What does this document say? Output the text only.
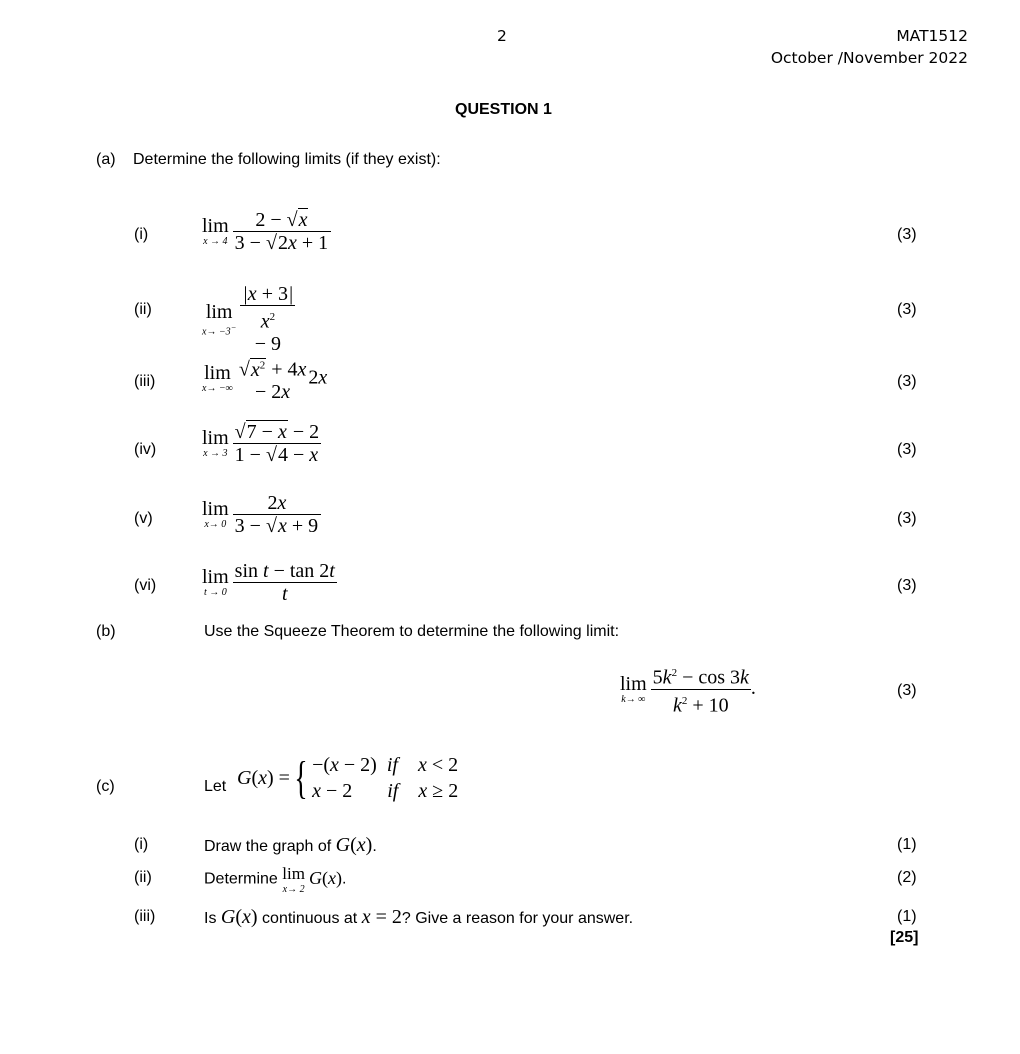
2	MAT1512
October /November 2022
QUESTION 1
(a) Determine the following limits (if they exist):
(i)	lim
$x \to 4 \frac{2 - √x}{3 - √2x + 1}$	(3)
(ii)	lim
x→ −3−
|x + 3|
$x^2$
− 9
(3)
(iii) lim
x→ −∞
$√x^2 + 4x$
− 2x2x	(3)
(iv)
lim
$x \to 3 \frac{√7 - x - 2}{1 - √4 - x}$	(3)
(v) lim
$x\to 0 \frac{2x}{3 - √x + 9}$	(3)
(vi) lim
$t \to 0 \frac{\text{sin t − tan 2t}}{t}$	(3)
(b)	Use the Squeeze Theorem to determine the following limit:
lim
k→ ∞ $\frac{5k^2 - \cos 3k}{k^2 + 10}$ .	(3)
(c)	Let G(x) ={ −(x − 2)  if    x < 2
x − 2       if    x ≥ 2
(i)	Draw the graph of G(x).	(1)
(ii)	Determine lim
x→ 2
G(x).	(2)
(iii)	Is G(x) continuous at x = 2? Give a reason for your answer.	(1)
[25]
